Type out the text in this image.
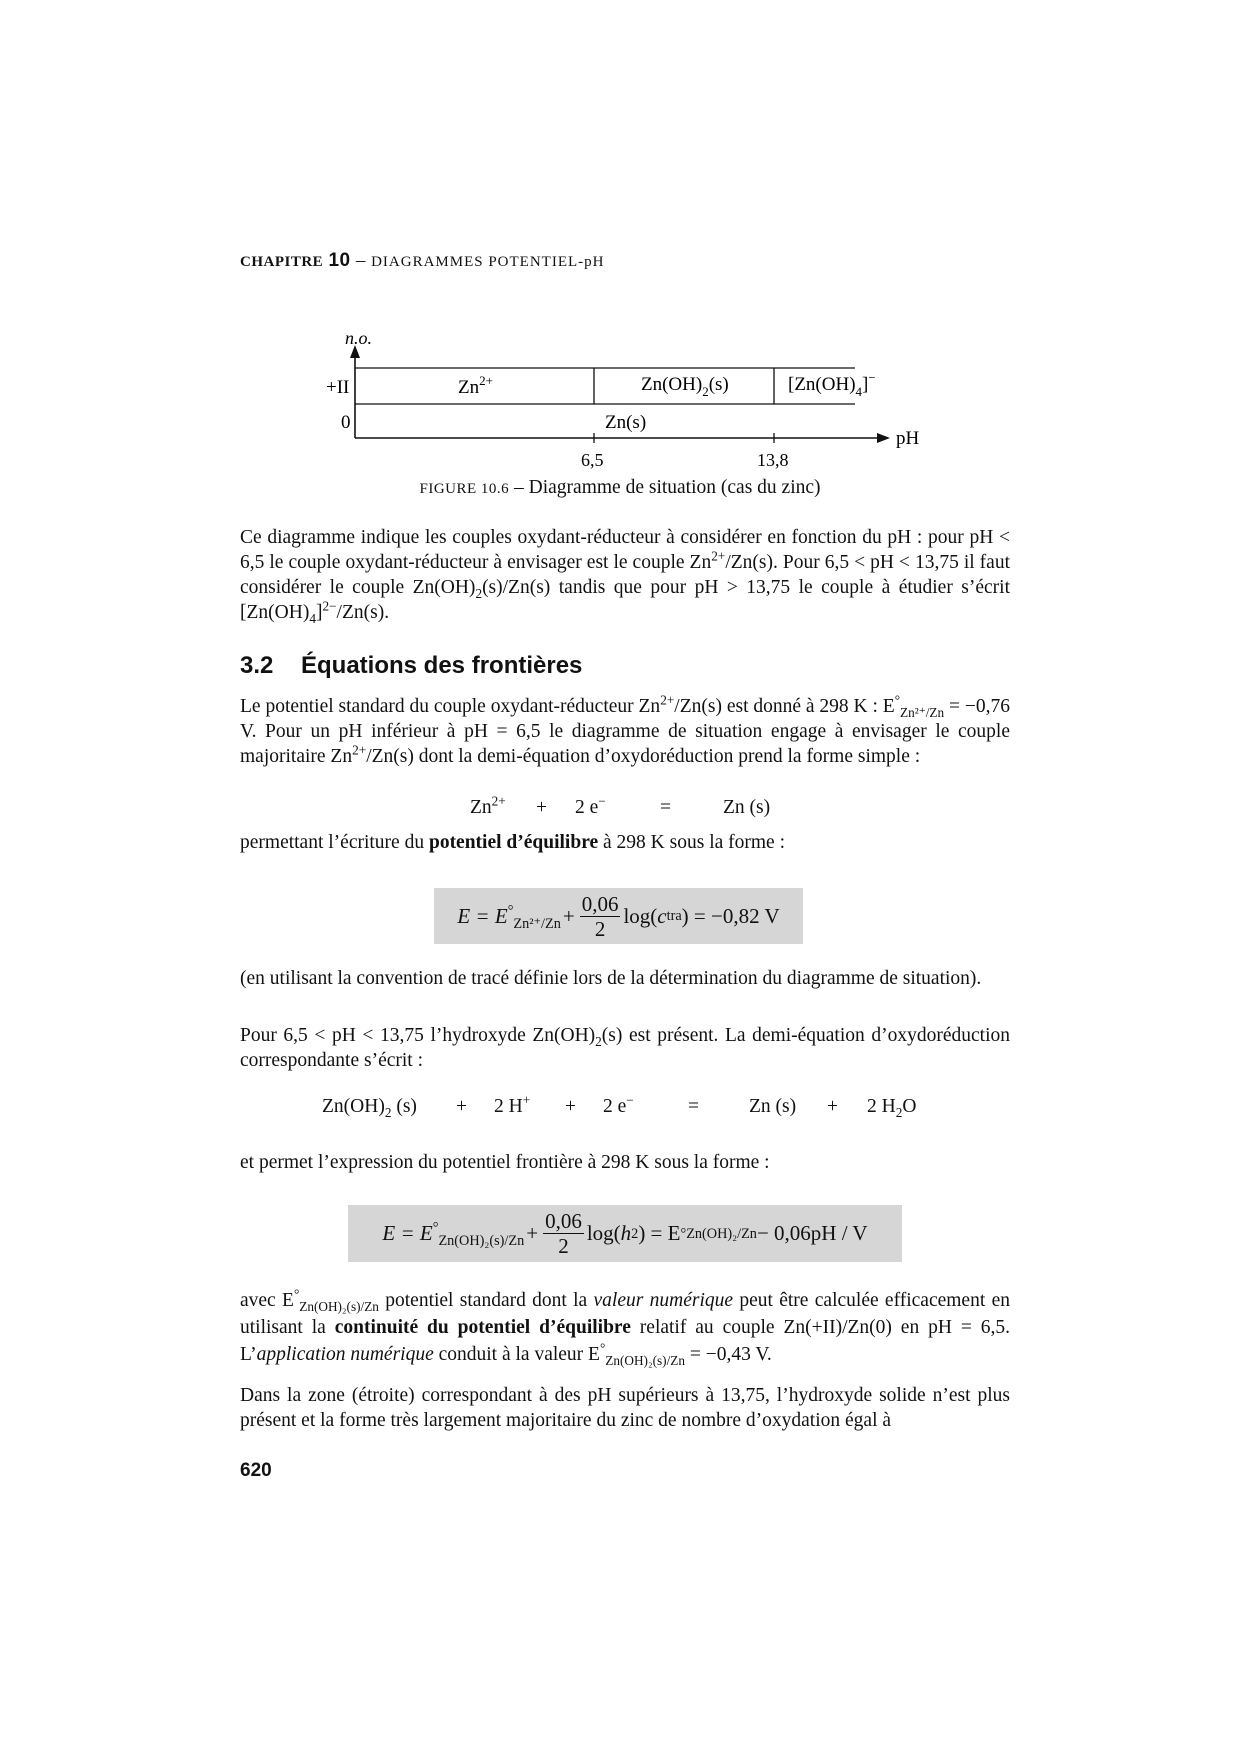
CHAPITRE 10 – DIAGRAMMES POTENTIEL-pH
n.o.
+II
0
pH
6,5	13,8
$Zn^{2+}$	$Zn(OH)_2(s)$	$[Zn(OH)_4]^-$
Zn(s)
FIGURE 10.6 – Diagramme de situation (cas du zinc)
Ce diagramme indique les couples oxydant-réducteur à considérer en fonction du pH : pour pH < 6,5 le couple oxydant-réducteur à envisager est le couple $Zn^{2+}/Zn(s)$. Pour 6,5 < pH < 13,75 il faut considérer le couple $Zn(OH)_2(s)/Zn(s)$ tandis que pour pH > 13,75 le couple à étudier s’écrit $[Zn(OH)_4]^{2-}/Zn(s)$.
3.2 Équations des frontières
Le potentiel standard du couple oxydant-réducteur $Zn^{2+}/Zn(s)$ est donné à 298 K : $E^\circ_{Zn^{2+}/Zn} = -0,76$ V. Pour un pH inférieur à pH = 6,5 le diagramme de situation engage à envisager le couple majoritaire $Zn^{2+}/Zn(s)$ dont la demi-équation d’oxydoréduction prend la forme simple :
$Zn^{2+} + 2$ e−	=	Zn (s)
permettant l’écriture du potentiel d’équilibre à 298 K sous la forme :
$E = E^\circ_{Zn^{2+}/Zn} + \frac{0,06}{2} \log$( c tra ) = −0,82 V
(en utilisant la convention de tracé définie lors de la détermination du diagramme de situation).
Pour 6,5 < pH < 13,75 l’hydroxyde $Zn(OH)_2(s)$ est présent. La demi-équation d’oxydoréduction correspondante s’écrit :
$Zn(OH)_2$ (s) + 2 H+ + 2 e−	=	Zn (s) + 2 $H_2O$
et permet l’expression du potentiel frontière à 298 K sous la forme :
$E = E^\circ_{Zn(OH)_2(s)/Zn} + \frac{0,06}{2} \log$( h 2 ) = E ° Zn(OH)₂/Zn − 0,06pH / V
avec $E^\circ_{Zn(OH)_2(s)/Zn}$ potentiel standard dont la valeur numérique peut être calculée efficacement en utilisant la continuité du potentiel d’équilibre relatif au couple Zn(+II)/Zn(0) en pH = 6,5. L’application numérique conduit à la valeur $E^\circ_{Zn(OH)_2(s)/Zn} = -0,43$ V.
Dans la zone (étroite) correspondant à des pH supérieurs à 13,75, l’hydroxyde solide n’est plus présent et la forme très largement majoritaire du zinc de nombre d’oxydation égal à
620
